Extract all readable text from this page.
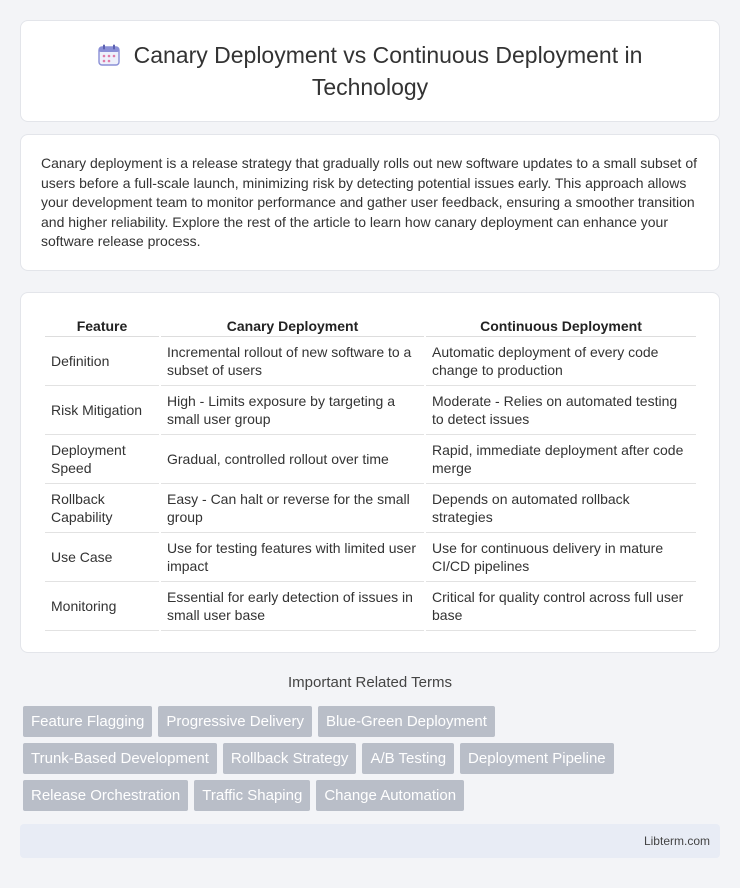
Canary Deployment vs Continuous Deployment in Technology

Canary deployment is a release strategy that gradually rolls out new software updates to a small subset of users before a full-scale launch, minimizing risk by detecting potential issues early. This approach allows your development team to monitor performance and gather user feedback, ensuring a smoother transition and higher reliability. Explore the rest of the article to learn how canary deployment can enhance your software release process.

Feature	Canary Deployment	Continuous Deployment
Definition	Incremental rollout of new software to a subset of users	Automatic deployment of every code change to production
Risk Mitigation	High - Limits exposure by targeting a small user group	Moderate - Relies on automated testing to detect issues
Deployment Speed	Gradual, controlled rollout over time	Rapid, immediate deployment after code merge
Rollback Capability	Easy - Can halt or reverse for the small group	Depends on automated rollback strategies
Use Case	Use for testing features with limited user impact	Use for continuous delivery in mature CI/CD pipelines
Monitoring	Essential for early detection of issues in small user base	Critical for quality control across full user base
Important Related Terms
Feature Flagging	Progressive Delivery	Blue-Green Deployment
Trunk-Based Development	Rollback Strategy	A/B Testing	Deployment Pipeline
Release Orchestration	Traffic Shaping	Change Automation
Libterm.com
